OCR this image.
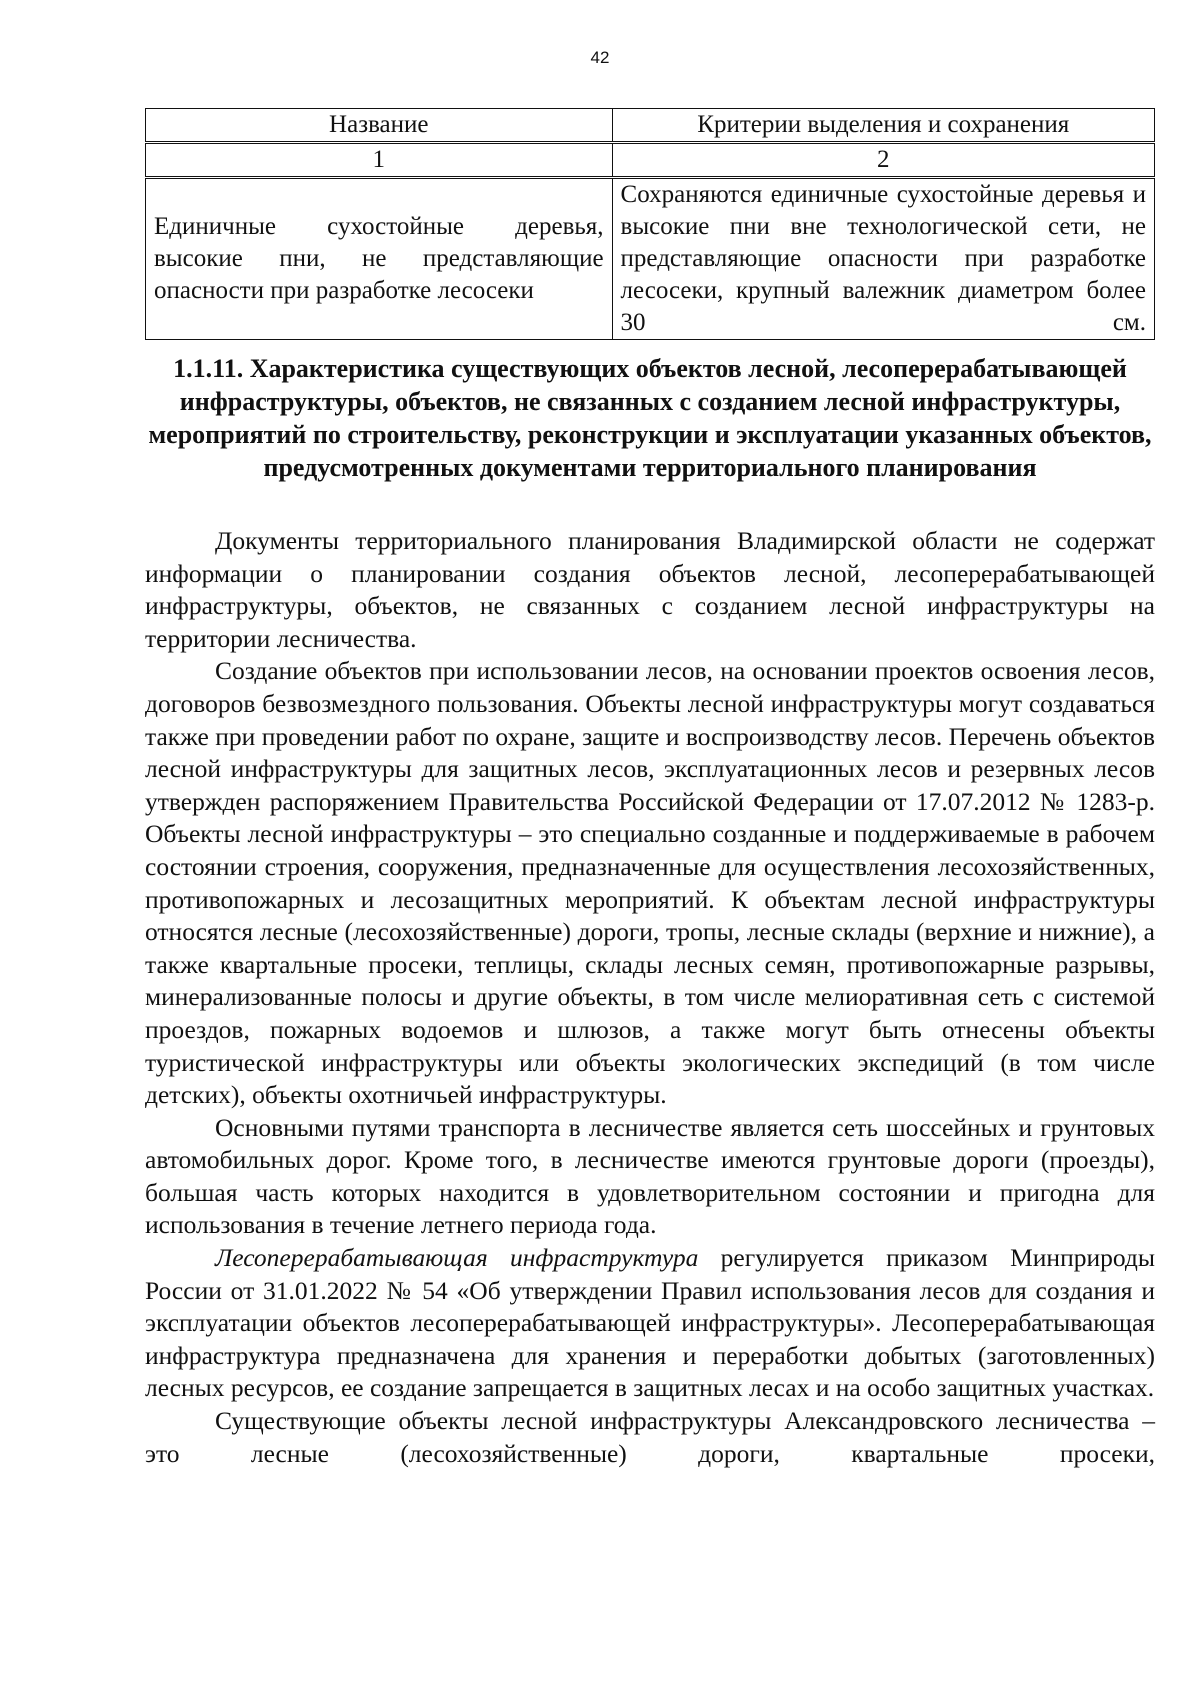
42
Название	Критерии выделения и сохранения
1	2
Единичные сухостойные деревья, высокие пни, не представляющие опасности при разработке лесосеки	Сохраняются единичные сухостойные деревья и высокие пни вне технологической сети, не представляющие опасности при разработке лесосеки, крупный валежник диаметром более 30 см.
1.1.11. Характеристика существующих объектов лесной, лесоперерабатывающей инфраструктуры, объектов, не связанных с созданием лесной инфраструктуры, мероприятий по строительству, реконструкции и эксплуатации указанных объектов, предусмотренных документами территориального планирования

Документы территориального планирования Владимирской области не содержат информации о планировании создания объектов лесной, лесоперерабатывающей инфраструктуры, объектов, не связанных с созданием лесной инфраструктуры на территории лесничества.

Создание объектов при использовании лесов, на основании проектов освоения лесов, договоров безвозмездного пользования. Объекты лесной инфраструктуры могут создаваться также при проведении работ по охране, защите и воспроизводству лесов. Перечень объектов лесной инфраструктуры для защитных лесов, эксплуатационных лесов и резервных лесов утвержден распоряжением Правительства Российской Федерации от 17.07.2012 № 1283-р. Объекты лесной инфраструктуры – это специально созданные и поддерживаемые в рабочем состоянии строения, сооружения, предназначенные для осуществления лесохозяйственных, противопожарных и лесозащитных мероприятий. К объектам лесной инфраструктуры относятся лесные (лесохозяйственные) дороги, тропы, лесные склады (верхние и нижние), а также квартальные просеки, теплицы, склады лесных семян, противопожарные разрывы, минерализованные полосы и другие объекты, в том числе мелиоративная сеть с системой проездов, пожарных водоемов и шлюзов, а также могут быть отнесены объекты туристической инфраструктуры или объекты экологических экспедиций (в том числе детских), объекты охотничьей инфраструктуры.

Основными путями транспорта в лесничестве является сеть шоссейных и грунтовых автомобильных дорог. Кроме того, в лесничестве имеются грунтовые дороги (проезды), большая часть которых находится в удовлетворительном состоянии и пригодна для использования в течение летнего периода года.

Лесоперерабатывающая инфраструктура регулируется приказом Минприроды России от 31.01.2022 № 54 «Об утверждении Правил использования лесов для создания и эксплуатации объектов лесоперерабатывающей инфраструктуры». Лесоперерабатывающая инфраструктура предназначена для хранения и переработки добытых (заготовленных) лесных ресурсов, ее создание запрещается в защитных лесах и на особо защитных участках.

Существующие объекты лесной инфраструктуры Александровского лесничества – это лесные (лесохозяйственные) дороги, квартальные просеки,
